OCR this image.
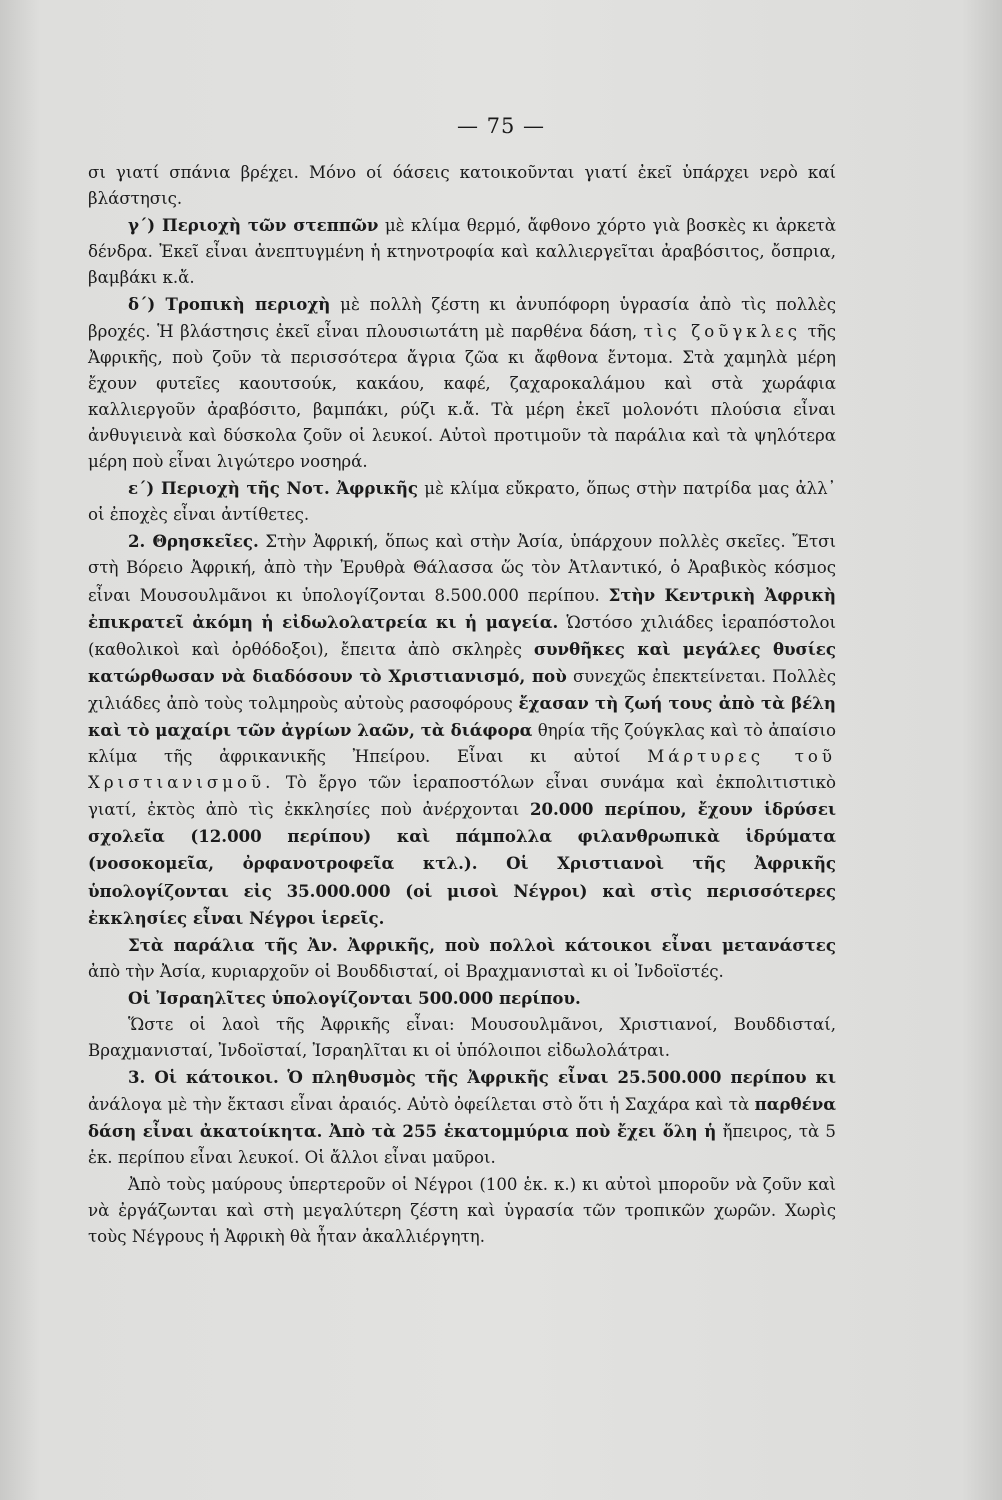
— 75 —

σι γιατί σπάνια βρέχει. Μόνο οί όάσεις κατοικοῦνται γιατί ἐκεῖ ὑπάρχει νερὸ καί βλάστησις.

γ΄) Περιοχὴ τῶν στεππῶν μὲ κλίμα θερμό, ἄφθονο χόρτο γιὰ βοσκὲς κι ἀρκετὰ δένδρα. Ἐκεῖ εἶναι ἀνεπτυγμένη ἡ κτηνοτροφία καὶ καλλιεργεῖται ἀραβόσιτος, ὄσπρια, βαμβάκι κ.ἄ.

δ΄) Τροπικὴ περιοχὴ μὲ πολλὴ ζέστη κι ἀνυπόφορη ὑγρασία ἀπὸ τὶς πολλὲς βροχές. Ἡ βλάστησις ἐκεῖ εἶναι πλουσιωτάτη μὲ παρθένα δάση, τὶς ζοῦγκλες τῆς Ἀφρικῆς, ποὺ ζοῦν τὰ περισσότερα ἄγρια ζῶα κι ἄφθονα ἔντομα. Στὰ χαμηλὰ μέρη ἔχουν φυτεῖες καουτσούκ, κακάου, καφέ, ζαχαροκαλάμου καὶ στὰ χωράφια καλλιεργοῦν ἀραβόσιτο, βαμπάκι, ρύζι κ.ἄ. Τὰ μέρη ἐκεῖ μολονότι πλούσια εἶναι ἀνθυγιεινὰ καὶ δύσκολα ζοῦν οἱ λευκοί. Αὐτοὶ προτιμοῦν τὰ παράλια καὶ τὰ ψηλότερα μέρη ποὺ εἶναι λιγώτερο νοσηρά.

ε΄) Περιοχὴ τῆς Νοτ. Ἀφρικῆς μὲ κλίμα εὔκρατο, ὅπως στὴν πατρίδα μας ἀλλ᾽ οἱ ἐποχὲς εἶναι ἀντίθετες.

2. Θρησκεῖες. Στὴν Ἀφρική, ὅπως καὶ στὴν Ἀσία, ὑπάρχουν πολλὲς σκεῖες. Ἔτσι στὴ Βόρειο Ἀφρική, ἀπὸ τὴν Ἐρυθρὰ Θάλασσα ὥς τὸν Ἀτλαντικό, ὁ Ἀραβικὸς κόσμος εἶναι Μουσουλμᾶνοι κι ὑπολογίζονται 8.500.000 περίπου. Στὴν Κεντρικὴ Ἀφρικὴ ἐπικρατεῖ ἀκόμη ἡ εἰδωλολατρεία κι ἡ μαγεία. Ὡστόσο χιλιάδες ἱεραπόστολοι (καθολικοὶ καὶ ὀρθόδοξοι), ἔπειτα ἀπὸ σκληρὲς συνθῆκες καὶ μεγάλες θυσίες κατώρθωσαν νὰ διαδόσουν τὸ Χριστιανισμό, ποὺ συνεχῶς ἐπεκτείνεται. Πολλὲς χιλιάδες ἀπὸ τοὺς τολμηροὺς αὐτοὺς ρασοφόρους ἔχασαν τὴ ζωή τους ἀπὸ τὰ βέλη καὶ τὸ μαχαίρι τῶν ἀγρίων λαῶν, τὰ διάφορα θηρία τῆς ζούγκλας καὶ τὸ ἀπαίσιο κλίμα τῆς ἀφρικανικῆς Ἠπείρου. Εἶναι κι αὐτοί Μάρτυρες τοῦ Χριστιανισμοῦ. Τὸ ἔργο τῶν ἱεραποστόλων εἶναι συνάμα καὶ ἐκπολιτιστικὸ γιατί, ἐκτὸς ἀπὸ τὶς ἐκκλησίες ποὺ ἀνέρχονται 20.000 περίπου, ἔχουν ἱδρύσει σχολεῖα (12.000 περίπου) καὶ πάμπολλα φιλανθρωπικὰ ἱδρύματα (νοσοκομεῖα, ὀρφανοτροφεῖα κτλ.). Οἱ Χριστιανοὶ τῆς Ἀφρικῆς ὑπολογίζονται εἰς 35.000.000 (οἱ μισοὶ Νέγροι) καὶ στὶς περισσότερες ἐκκλησίες εἶναι Νέγροι ἱερεῖς.

Στὰ παράλια τῆς Ἀν. Ἀφρικῆς, ποὺ πολλοὶ κάτοικοι εἶναι μετανάστες ἀπὸ τὴν Ἀσία, κυριαρχοῦν οἱ Βουδδισταί, οἱ Βραχμανισταὶ κι οἱ Ἰνδοϊστές.

Οἱ Ἰσραηλῖτες ὑπολογίζονται 500.000 περίπου.

Ὥστε οἱ λαοὶ τῆς Ἀφρικῆς εἶναι: Μουσουλμᾶνοι, Χριστιανοί, Βουδδισταί, Βραχμανισταί, Ἰνδοϊσταί, Ἰσραηλῖται κι οἱ ὑπόλοιποι εἰδωλολάτραι.

3. Οἱ κάτοικοι. Ὁ πληθυσμὸς τῆς Ἀφρικῆς εἶναι 25.500.000 περίπου κι ἀνάλογα μὲ τὴν ἔκτασι εἶναι ἀραιός. Αὐτὸ ὀφείλεται στὸ ὅτι ἡ Σαχάρα καὶ τὰ παρθένα δάση εἶναι ἀκατοίκητα. Ἀπὸ τὰ 255 ἑκατομμύρια ποὺ ἔχει ὅλη ἡ ἤπειρος, τὰ 5 ἑκ. περίπου εἶναι λευκοί. Οἱ ἄλλοι εἶναι μαῦροι.

Ἀπὸ τοὺς μαύρους ὑπερτεροῦν οἱ Νέγροι (100 ἑκ. κ.) κι αὐτοὶ μποροῦν νὰ ζοῦν καὶ νὰ ἐργάζωνται καὶ στὴ μεγαλύτερη ζέστη καὶ ὑγρασία τῶν τροπικῶν χωρῶν. Χωρὶς τοὺς Νέγρους ἡ Ἀφρικὴ θὰ ἦταν ἀκαλλιέργητη.
